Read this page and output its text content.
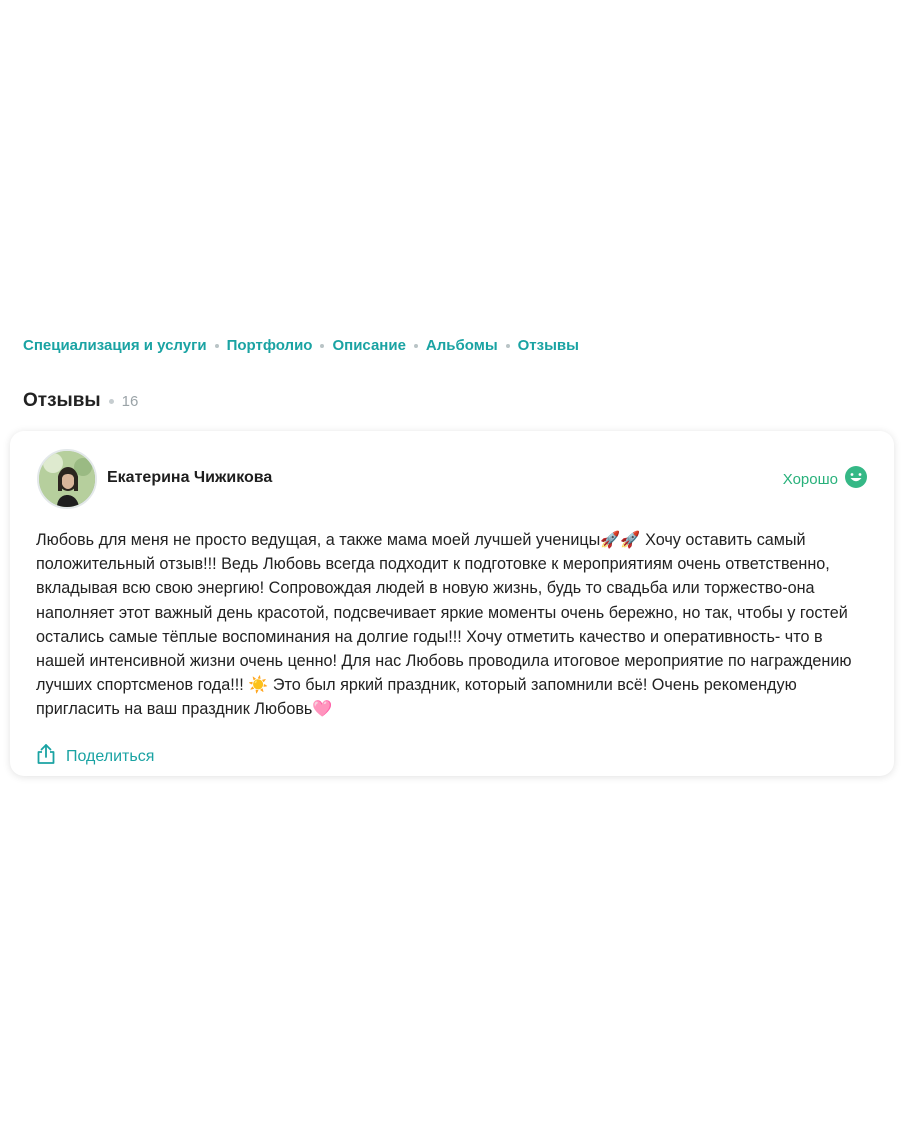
Специализация и услуги Портфолио Описание Альбомы Отзывы
Отзывы 16
Екатерина Чижикова	Хорошо

Любовь для меня не просто ведущая, а также мама моей лучшей ученицы🚀🚀 Хочу оставить самый положительный отзыв!!! Ведь Любовь всегда подходит к подготовке к мероприятиям очень ответственно, вкладывая всю свою энергию! Сопровождая людей в новую жизнь, будь то свадьба или торжество-она наполняет этот важный день красотой, подсвечивает яркие моменты очень бережно, но так, чтобы у гостей остались самые тёплые воспоминания на долгие годы!!! Хочу отметить качество и оперативность- что в нашей интенсивной жизни очень ценно! Для нас Любовь проводила итоговое мероприятие по награждению лучших спортсменов года!!! ☀️ Это был яркий праздник, который запомнили всё! Очень рекомендую пригласить на ваш праздник Любовь🩷

Поделиться
